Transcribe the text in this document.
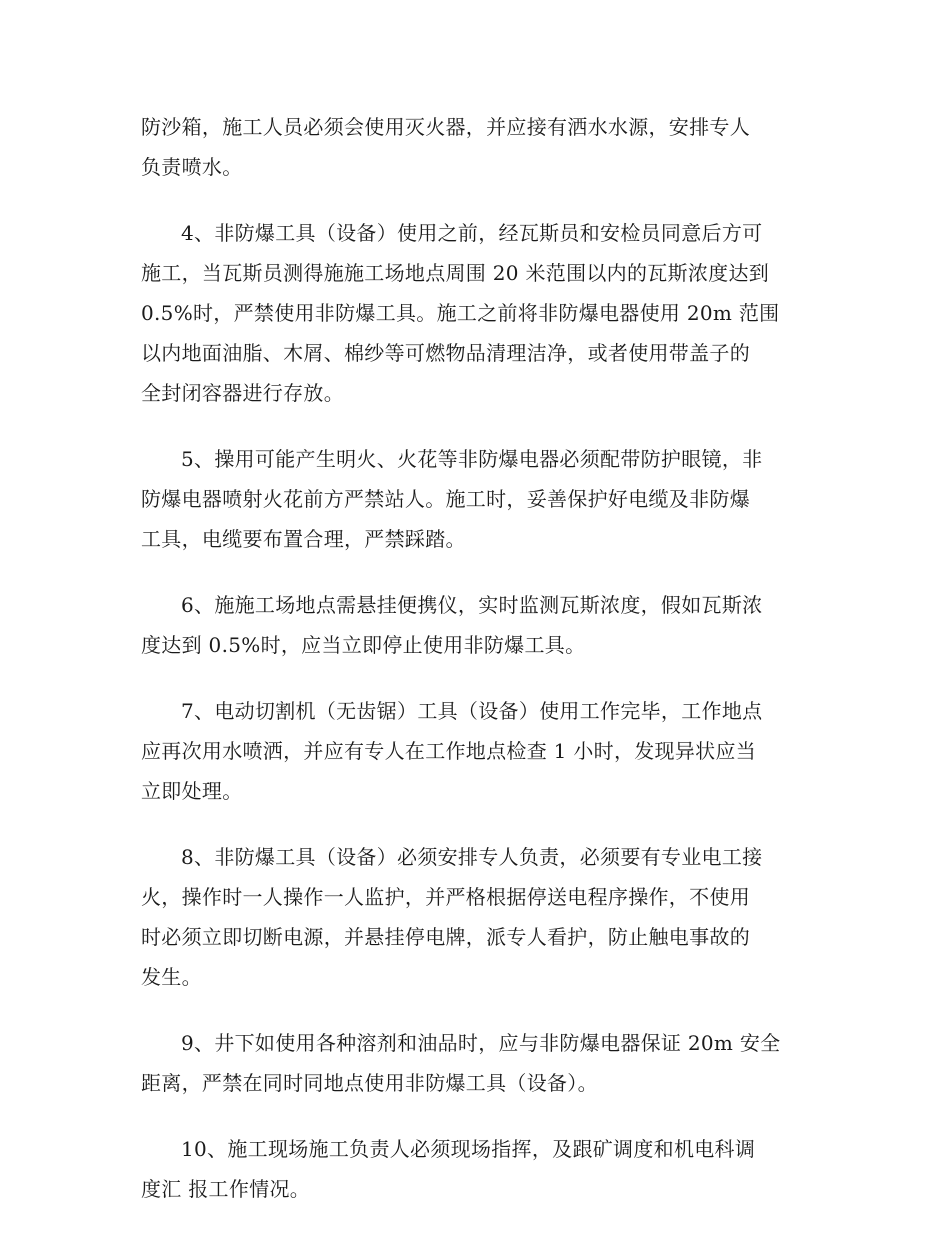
防沙箱，施工人员必须会使用灭火器，并应接有洒水水源，安排专人
负责喷水。

4、非防爆工具（设备）使用之前，经瓦斯员和安检员同意后方可
施工，当瓦斯员测得施施工场地点周围 20 米范围以内的瓦斯浓度达到
0.5%时，严禁使用非防爆工具。施工之前将非防爆电器使用 20m 范围
以内地面油脂、木屑、棉纱等可燃物品清理洁净，或者使用带盖子的
全封闭容器进行存放。

5、操用可能产生明火、火花等非防爆电器必须配带防护眼镜，非
防爆电器喷射火花前方严禁站人。施工时，妥善保护好电缆及非防爆
工具，电缆要布置合理，严禁踩踏。

6、施施工场地点需悬挂便携仪，实时监测瓦斯浓度，假如瓦斯浓
度达到 0.5%时，应当立即停止使用非防爆工具。

7、电动切割机（无齿锯）工具（设备）使用工作完毕，工作地点
应再次用水喷洒，并应有专人在工作地点检查 1 小时，发现异状应当
立即处理。

8、非防爆工具（设备）必须安排专人负责，必须要有专业电工接
火，操作时一人操作一人监护，并严格根据停送电程序操作，不使用
时必须立即切断电源，并悬挂停电牌，派专人看护，防止触电事故的
发生。

9、井下如使用各种溶剂和油品时，应与非防爆电器保证 20m 安全
距离，严禁在同时同地点使用非防爆工具（设备）。

10、施工现场施工负责人必须现场指挥，及跟矿调度和机电科调
度汇 报工作情况。
